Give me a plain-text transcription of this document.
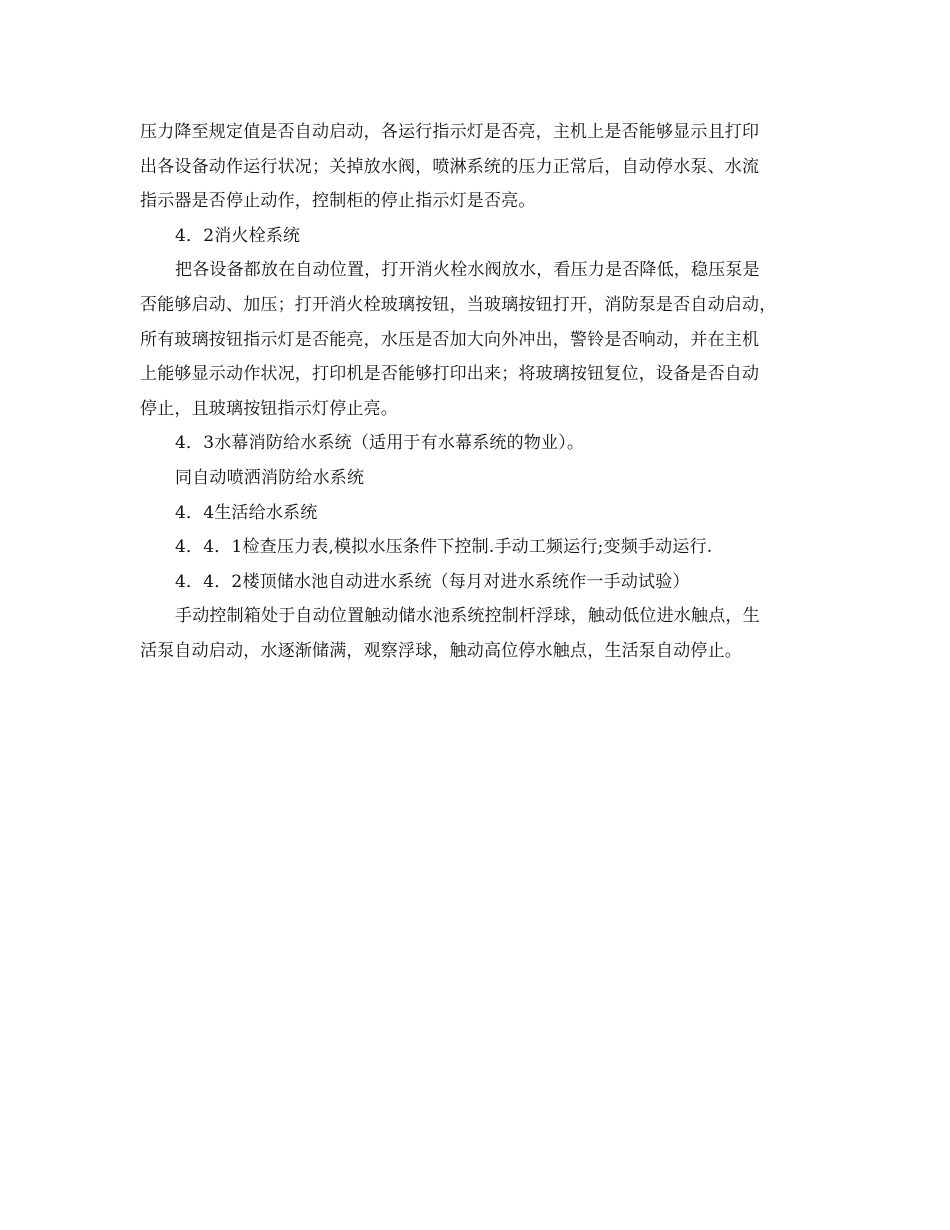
压力降至规定值是否自动启动，各运行指示灯是否亮，主机上是否能够显示且打印
出各设备动作运行状况；关掉放水阀，喷淋系统的压力正常后，自动停水泵、水流
指示器是否停止动作，控制柜的停止指示灯是否亮。
4．2消火栓系统
把各设备都放在自动位置，打开消火栓水阀放水，看压力是否降低，稳压泵是
否能够启动、加压；打开消火栓玻璃按钮，当玻璃按钮打开，消防泵是否自动启动，
所有玻璃按钮指示灯是否能亮，水压是否加大向外冲出，警铃是否响动，并在主机
上能够显示动作状况，打印机是否能够打印出来；将玻璃按钮复位，设备是否自动
停止，且玻璃按钮指示灯停止亮。
4．3水幕消防给水系统（适用于有水幕系统的物业）。
同自动喷洒消防给水系统
4．4生活给水系统
4．4．1检查压力表,模拟水压条件下控制.手动工频运行;变频手动运行.
4．4．2楼顶储水池自动进水系统（每月对进水系统作一手动试验）
手动控制箱处于自动位置触动储水池系统控制杆浮球，触动低位进水触点，生
活泵自动启动，水逐渐储满，观察浮球，触动高位停水触点，生活泵自动停止。
